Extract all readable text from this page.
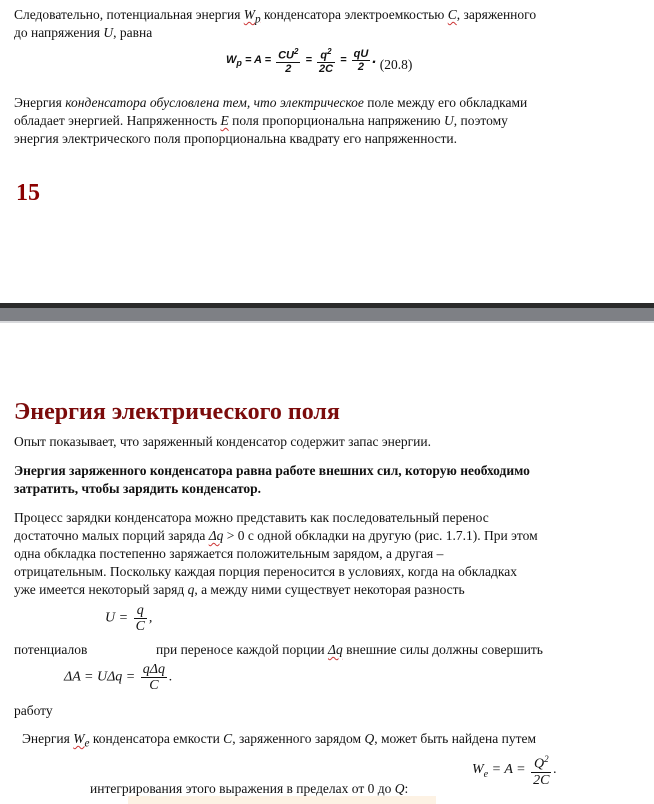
Следовательно, потенциальная энергия $W_p$ конденсатора электроемкостью C, заряженного
до напряжения U, равна
$W_p = A = \frac{CU^2}{2} = \frac{q^2}{2C} = \frac{qU}{2}$ . (20.8)
Энергия конденсатора обусловлена тем, что электрическое поле между его обкладками
обладает энергией. Напряженность E поля пропорциональна напряжению U, поэтому
энергия электрического поля пропорциональна квадрату его напряженности.
15
Энергия электрического поля
Опыт показывает, что заряженный конденсатор содержит запас энергии.
Энергия заряженного конденсатора равна работе внешних сил, которую необходимо
затратить, чтобы зарядить конденсатор.
Процесс зарядки конденсатора можно представить как последовательный перенос
достаточно малых порций заряда Δq > 0 с одной обкладки на другую (рис. 1.7.1). При этом
одна обкладка постепенно заряжается положительным зарядом, а другая –
отрицательным. Поскольку каждая порция переносится в условиях, когда на обкладках
уже имеется некоторый заряд q, а между ними существует некоторая разность
$U = \frac{q}{C}$ ,
потенциалов	при переносе каждой порции Δq внешние силы должны совершить
$\Delta A = U\Delta q = \frac{\text{qΔq}}{C}$ .
работу
Энергия $W_e$ конденсатора емкости C, заряженного зарядом Q, может быть найдена путем
интегрирования этого выражения в пределах от 0 до Q:
$W_e = A = \frac{Q^2}{2C}$ .
